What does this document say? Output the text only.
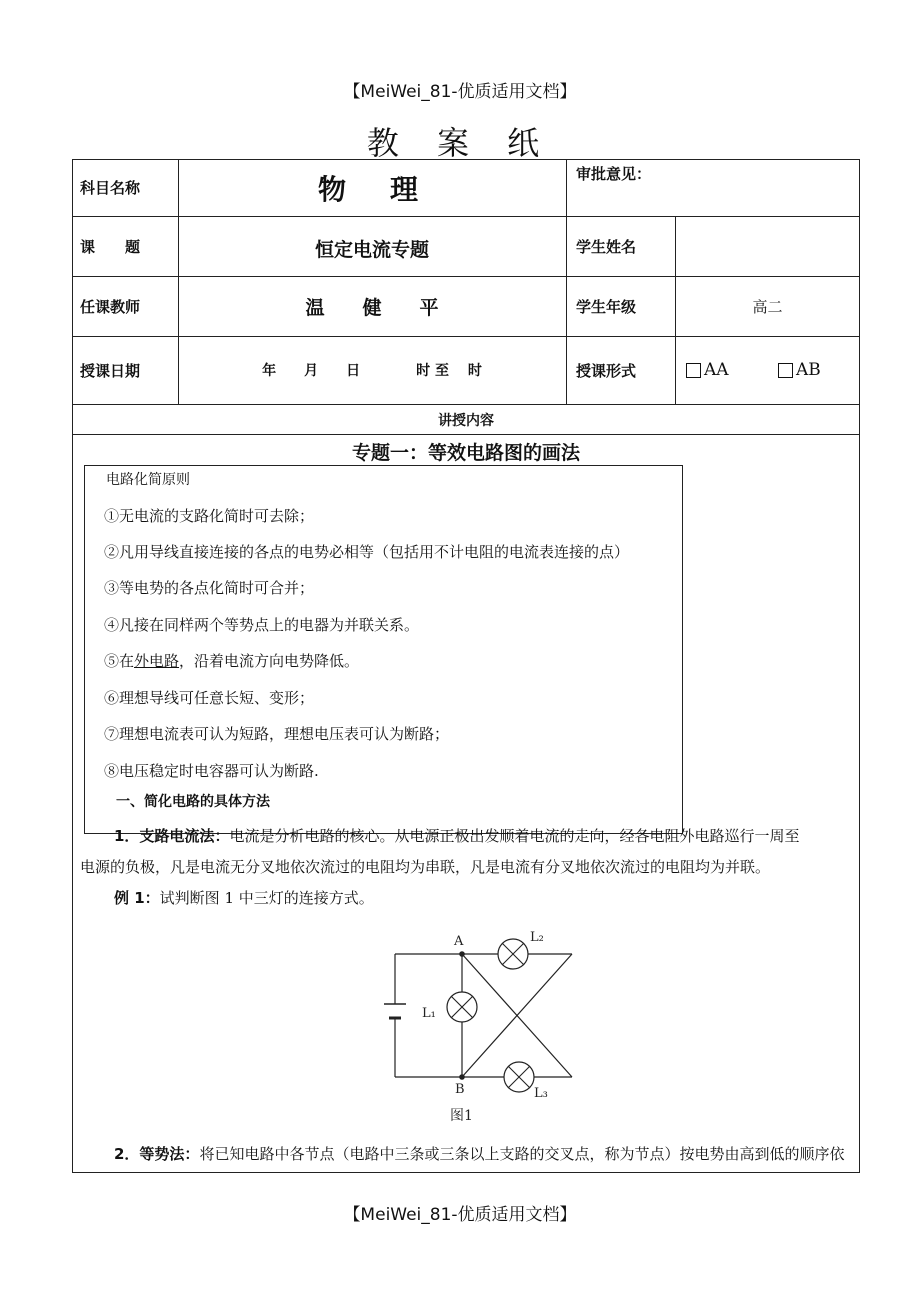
【MeiWei_81-优质适用文档】
教 案 纸
科目名称	物　理	审批意见：
课　　题	恒定电流专题	学生姓名
任课教师	温　　健　　平	学生年级	高二
授课日期	年　　月　　日　　　　时 至　 时	授课形式	AA	AB
讲授内容
专题一：等效电路图的画法
电路化简原则
①无电流的支路化简时可去除；
②凡用导线直接连接的各点的电势必相等（包括用不计电阻的电流表连接的点）
③等电势的各点化简时可合并；
④凡接在同样两个等势点上的电器为并联关系。
⑤在外电路，沿着电流方向电势降低。
⑥理想导线可任意长短、变形；
⑦理想电流表可认为短路，理想电压表可认为断路；
⑧电压稳定时电容器可认为断路.
一、简化电路的具体方法
1．支路电流法：电流是分析电路的核心。从电源正极出发顺着电流的走向，经各电阻外电路巡行一周至
电源的负极，凡是电流无分叉地依次流过的电阻均为串联，凡是电流有分叉地依次流过的电阻均为并联。
例 1：试判断图 1 中三灯的连接方式。
A
B
L₁
L₂
L₃
图1
2．等势法：将已知电路中各节点（电路中三条或三条以上支路的交叉点，称为节点）按电势由高到低的顺序依
【MeiWei_81-优质适用文档】
